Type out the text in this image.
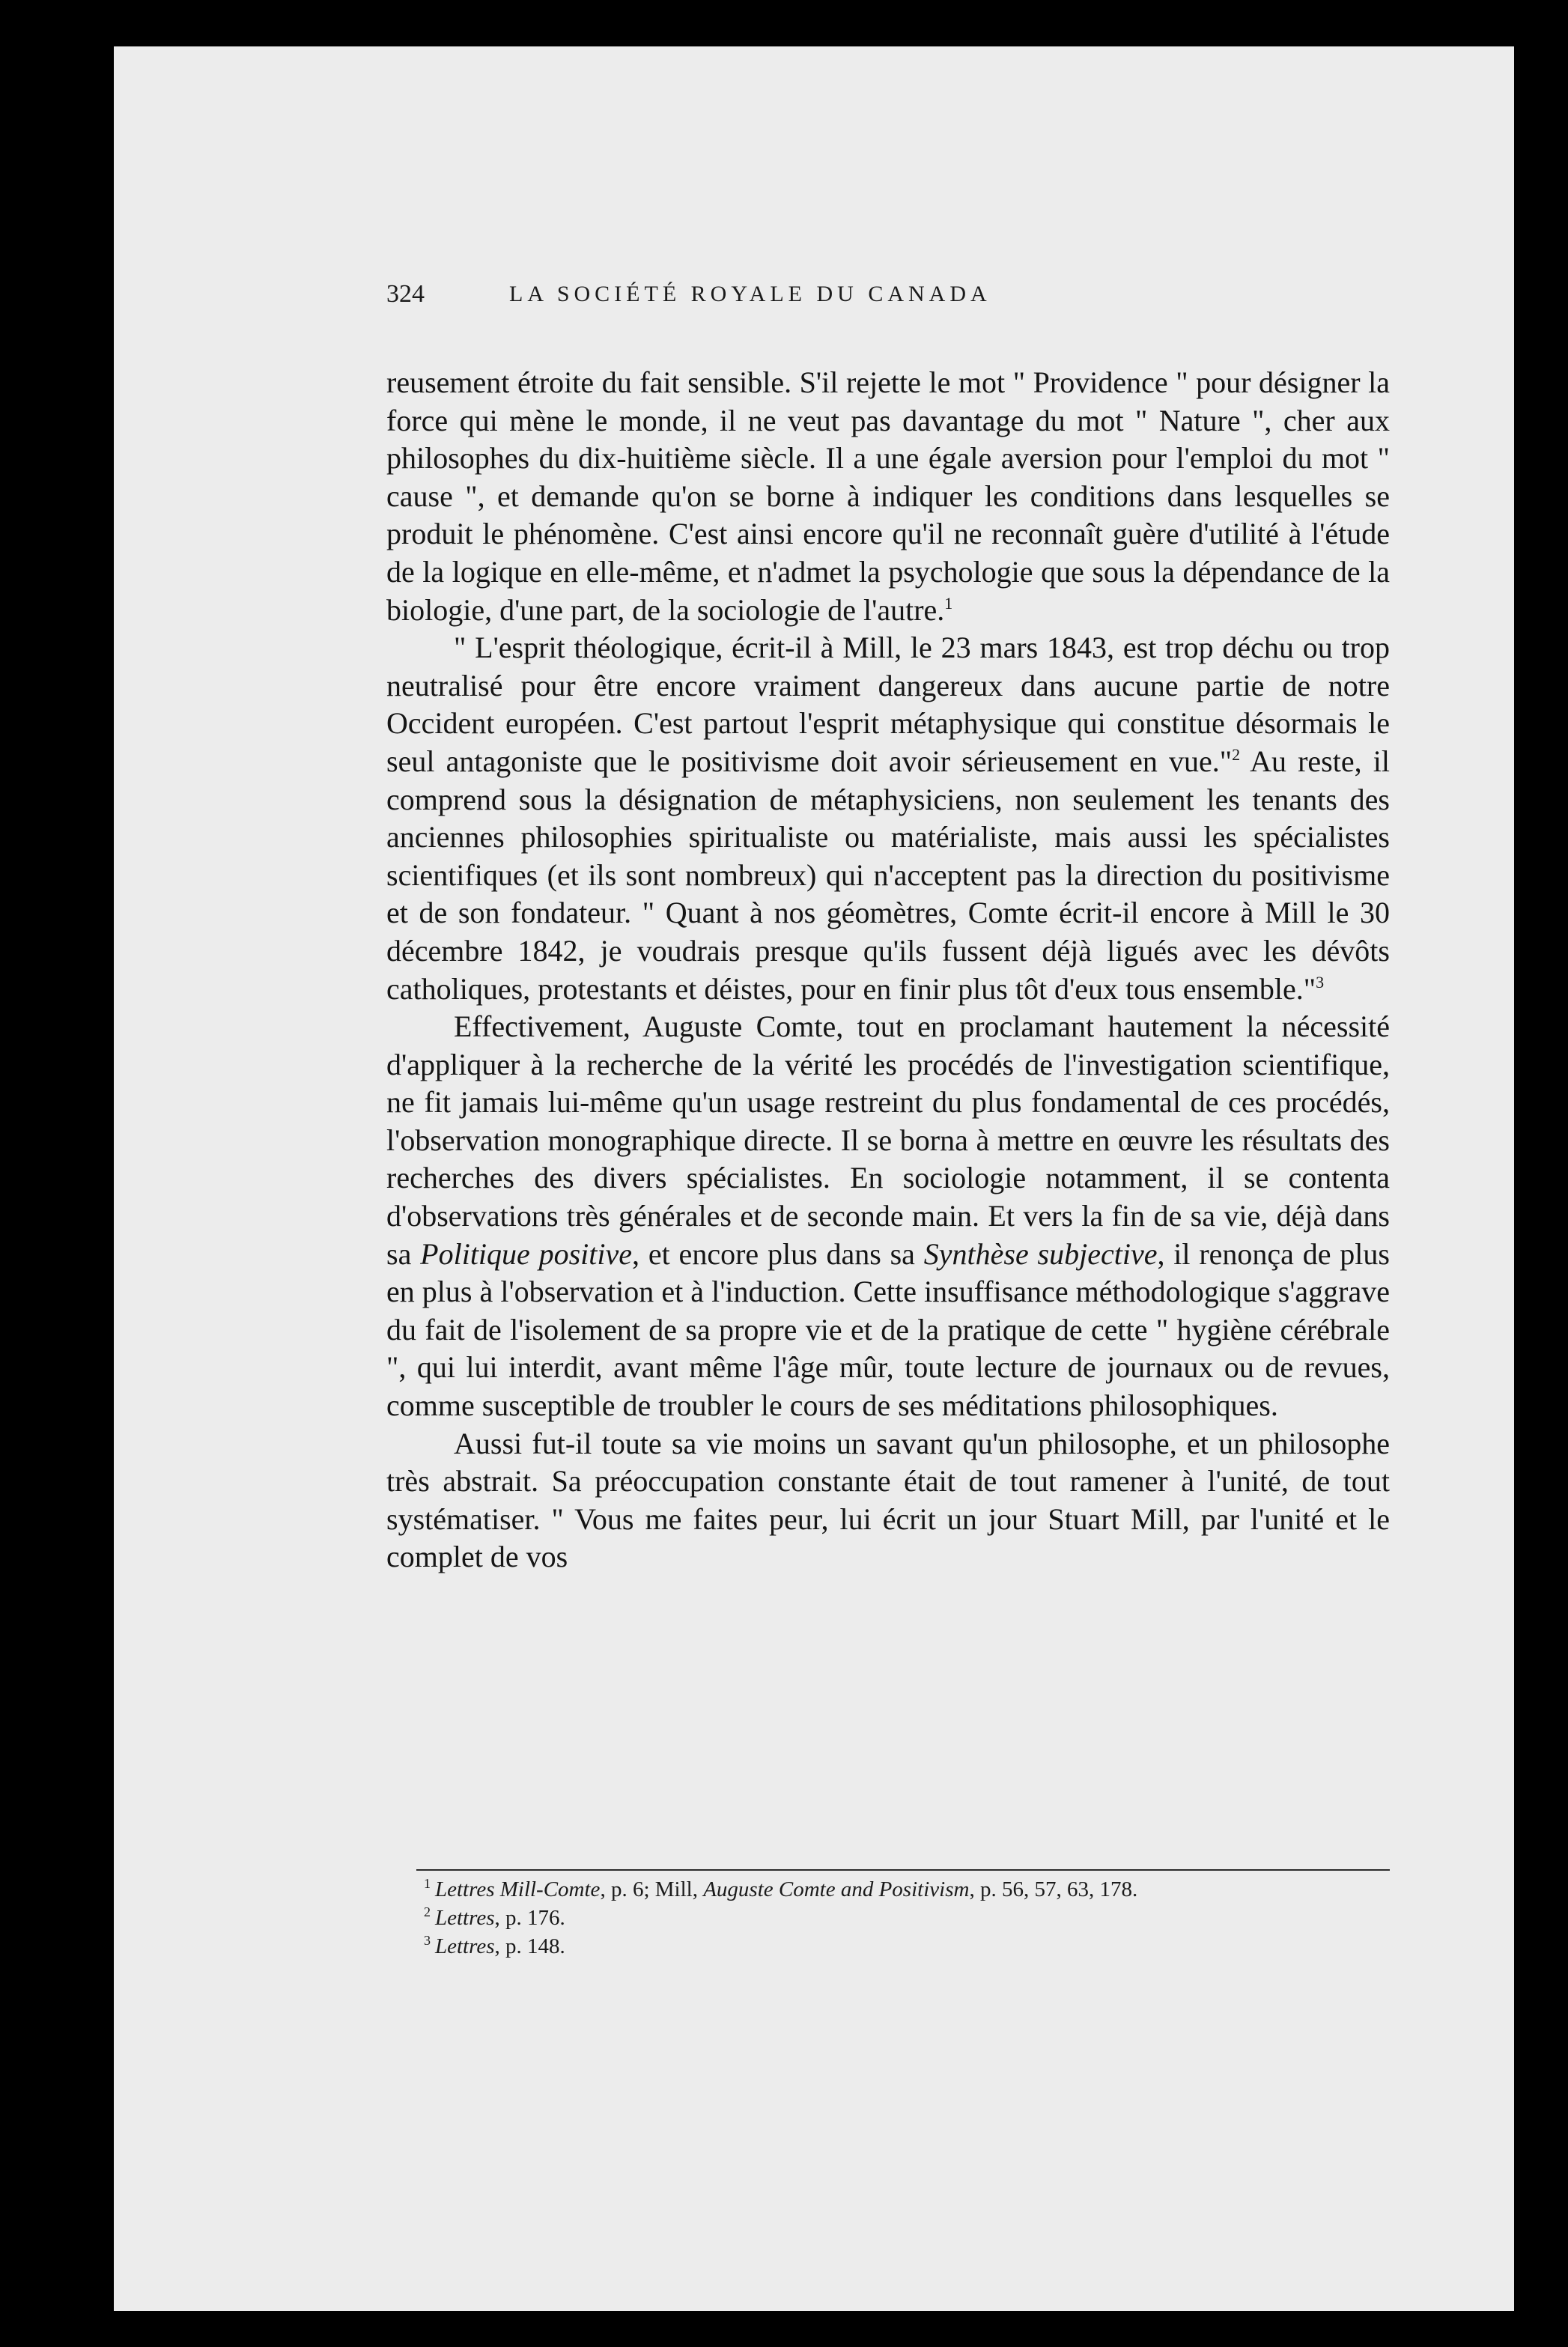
324	LA SOCIÉTÉ ROYALE DU CANADA

reusement étroite du fait sensible. S'il rejette le mot " Providence " pour désigner la force qui mène le monde, il ne veut pas davantage du mot " Nature ", cher aux philosophes du dix-huitième siècle. Il a une égale aversion pour l'emploi du mot " cause ", et demande qu'on se borne à indiquer les conditions dans lesquelles se produit le phénomène. C'est ainsi encore qu'il ne reconnaît guère d'utilité à l'étude de la logique en elle-même, et n'admet la psychologie que sous la dépendance de la biologie, d'une part, de la sociologie de l'autre.$^1$

" L'esprit théologique, écrit-il à Mill, le 23 mars 1843, est trop déchu ou trop neutralisé pour être encore vraiment dangereux dans aucune partie de notre Occident européen. C'est partout l'esprit métaphysique qui constitue désormais le seul antagoniste que le positivisme doit avoir sérieusement en vue."$^2$ Au reste, il comprend sous la désignation de métaphysiciens, non seulement les tenants des anciennes philosophies spiritualiste ou matérialiste, mais aussi les spécialistes scientifiques (et ils sont nombreux) qui n'acceptent pas la direction du positivisme et de son fondateur. " Quant à nos géomètres, Comte écrit-il encore à Mill le 30 décembre 1842, je voudrais presque qu'ils fussent déjà ligués avec les dévôts catholiques, protestants et déistes, pour en finir plus tôt d'eux tous ensemble."$^3$

Effectivement, Auguste Comte, tout en proclamant hautement la nécessité d'appliquer à la recherche de la vérité les procédés de l'investigation scientifique, ne fit jamais lui-même qu'un usage restreint du plus fondamental de ces procédés, l'observation monographique directe. Il se borna à mettre en œuvre les résultats des recherches des divers spécialistes. En sociologie notamment, il se contenta d'observations très générales et de seconde main. Et vers la fin de sa vie, déjà dans sa Politique positive, et encore plus dans sa Synthèse subjective, il renonça de plus en plus à l'observation et à l'induction. Cette insuffisance méthodologique s'aggrave du fait de l'isolement de sa propre vie et de la pratique de cette " hygiène cérébrale ", qui lui interdit, avant même l'âge mûr, toute lecture de journaux ou de revues, comme susceptible de troubler le cours de ses méditations philosophiques.

Aussi fut-il toute sa vie moins un savant qu'un philosophe, et un philosophe très abstrait. Sa préoccupation constante était de tout ramener à l'unité, de tout systématiser. " Vous me faites peur, lui écrit un jour Stuart Mill, par l'unité et le complet de vos

$^1$ Lettres Mill-Comte, p. 6; Mill, Auguste Comte and Positivism, p. 56, 57, 63, 178.
$^2$ Lettres, p. 176.
$^3$ Lettres, p. 148.
